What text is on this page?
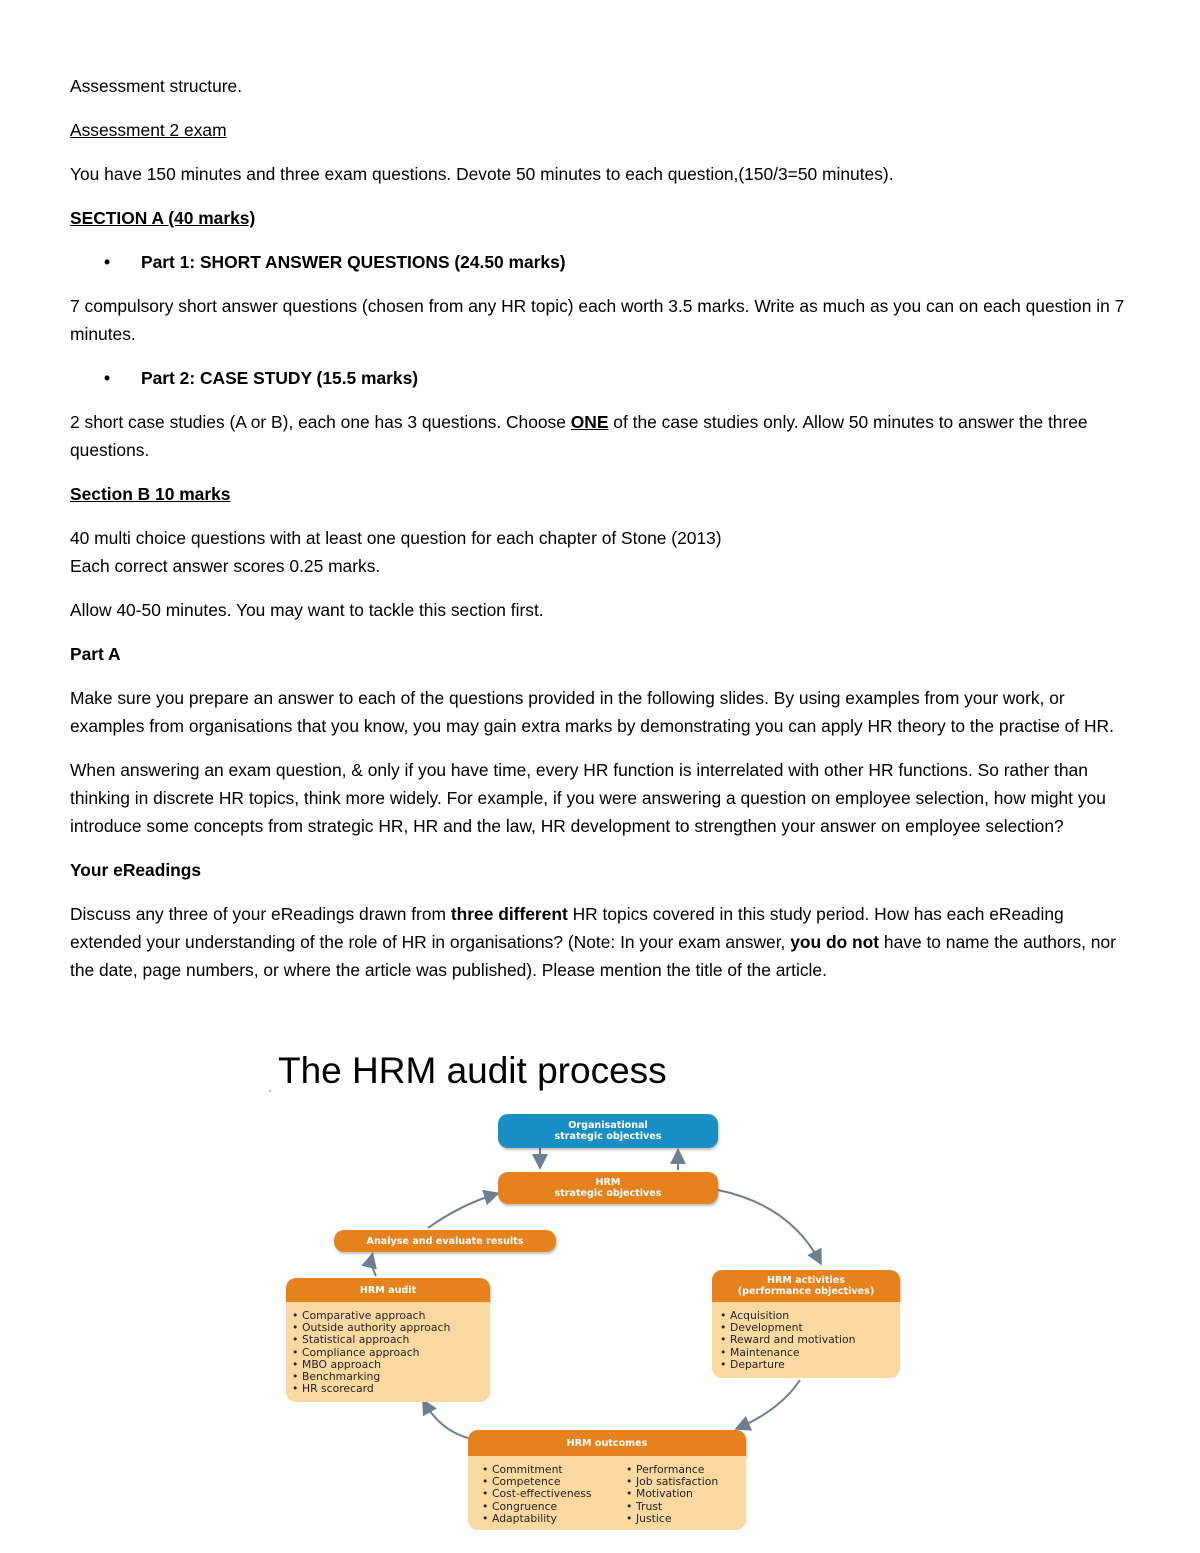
Assessment structure.

Assessment 2 exam

You have 150 minutes and three exam questions. Devote 50 minutes to each question,(150/3=50 minutes).

SECTION A (40 marks)

• Part 1: SHORT ANSWER QUESTIONS (24.50 marks)

7 compulsory short answer questions (chosen from any HR topic) each worth 3.5 marks. Write as much as you can on each question in 7 minutes.

• Part 2: CASE STUDY (15.5 marks)

2 short case studies (A or B), each one has 3 questions. Choose ONE of the case studies only. Allow 50 minutes to answer the three questions.

Section B 10 marks

40 multi choice questions with at least one question for each chapter of Stone (2013)

Each correct answer scores 0.25 marks.

Allow 40-50 minutes. You may want to tackle this section first.

Part A

Make sure you prepare an answer to each of the questions provided in the following slides. By using examples from your work, or examples from organisations that you know, you may gain extra marks by demonstrating you can apply HR theory to the practise of HR.

When answering an exam question, & only if you have time, every HR function is interrelated with other HR functions. So rather than thinking in discrete HR topics, think more widely. For example, if you were answering a question on employee selection, how might you introduce some concepts from strategic HR, HR and the law, HR development to strengthen your answer on employee selection?

Your eReadings

Discuss any three of your eReadings drawn from three different HR topics covered in this study period. How has each eReading extended your understanding of the role of HR in organisations? (Note: In your exam answer, you do not have to name the authors, nor the date, page numbers, or where the article was published). Please mention the title of the article.

The HRM audit process
Organisational
strategic objectives
HRM
strategic objectives
Analyse and evaluate results
HRM audit
• Comparative approach
• Outside authority approach
• Statistical approach
• Compliance approach
• MBO approach
• Benchmarking
• HR scorecard
HRM activities
(performance objectives)
• Acquisition
• Development
• Reward and motivation
• Maintenance
• Departure
HRM outcomes
• Commitment
• Competence
• Cost-effectiveness
• Congruence
• Adaptability
• Performance
• Job satisfaction
• Motivation
• Trust
• Justice
